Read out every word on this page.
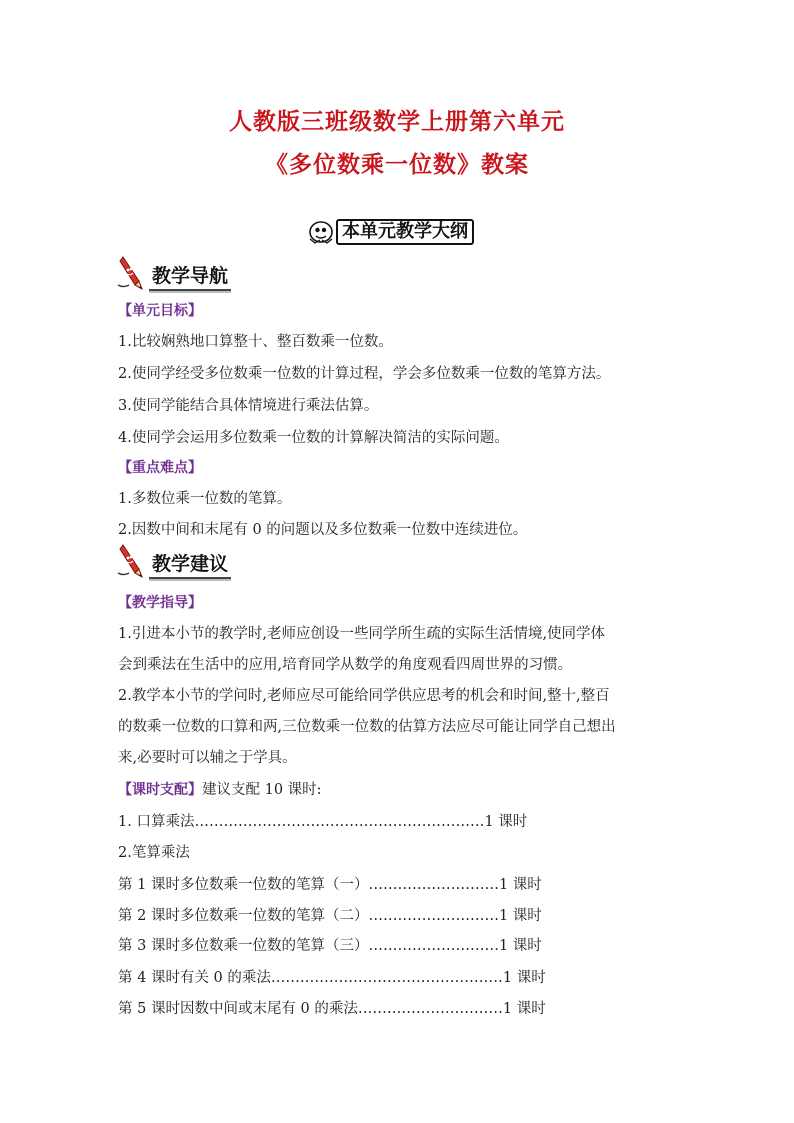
人教版三班级数学上册第六单元
《多位数乘一位数》教案
本单元教学大纲
教学导航
【单元目标】
1.比较娴熟地口算整十、整百数乘一位数。
2.使同学经受多位数乘一位数的计算过程，学会多位数乘一位数的笔算方法。
3.使同学能结合具体情境进行乘法估算。
4.使同学会运用多位数乘一位数的计算解决简洁的实际问题。
【重点难点】
1.多数位乘一位数的笔算。
2.因数中间和末尾有 0 的问题以及多位数乘一位数中连续进位。
教学建议
【教学指导】
1.引进本小节的教学时,老师应创设一些同学所生疏的实际生活情境,使同学体
会到乘法在生活中的应用,培育同学从数学的角度观看四周世界的习惯。
2.教学本小节的学问时,老师应尽可能给同学供应思考的机会和时间,整十,整百
的数乘一位数的口算和两,三位数乘一位数的估算方法应尽可能让同学自己想出
来,必要时可以辅之于学具。
【课时支配】建议支配 10 课时:
1. 口算乘法……………………………………………………1 课时
2.笔算乘法
第 1 课时多位数乘一位数的笔算（一）………………………1 课时
第 2 课时多位数乘一位数的笔算（二）………………………1 课时
第 3 课时多位数乘一位数的笔算（三）………………………1 课时
第 4 课时有关 0 的乘法…………………………………………1 课时
第 5 课时因数中间或末尾有 0 的乘法…………………………1 课时
